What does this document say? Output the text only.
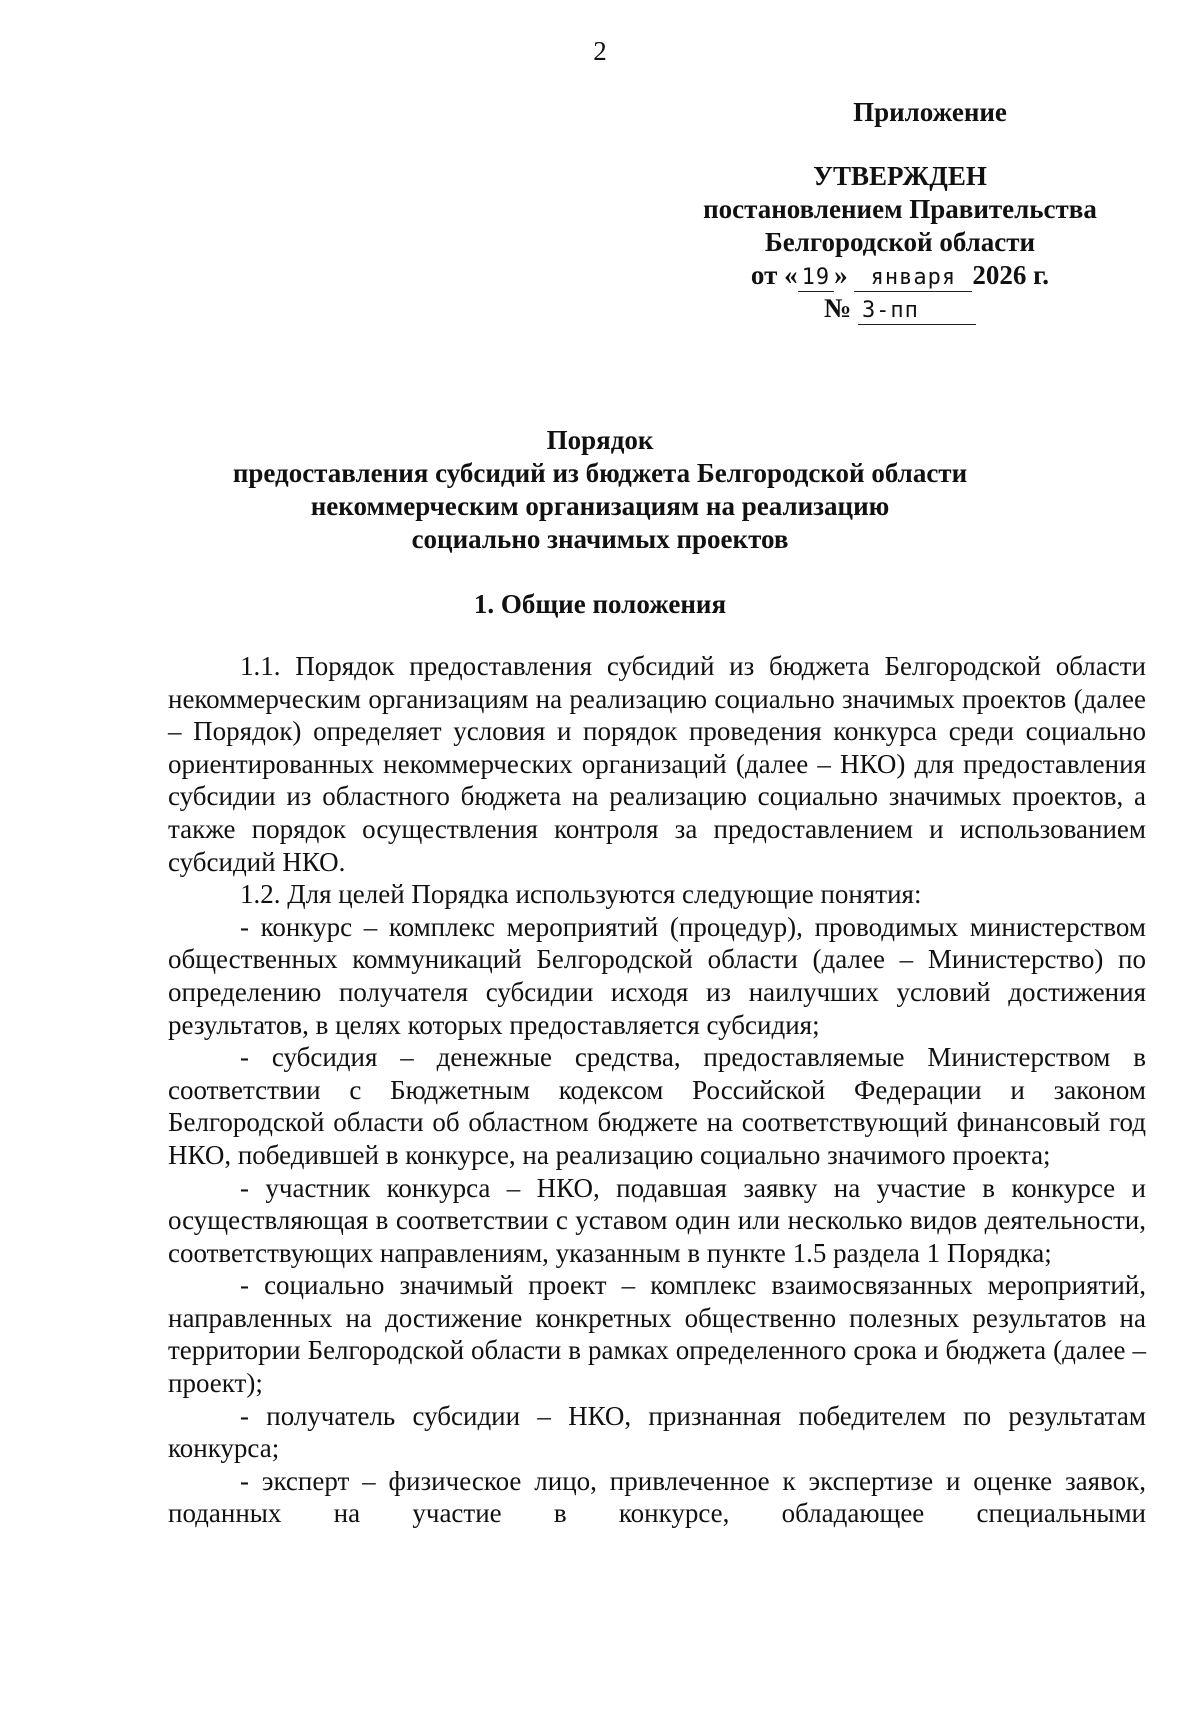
2
Приложение
УТВЕРЖДЕН
постановлением Правительства
Белгородской области
от « 19 » января 2026 г.
№ 3-пп
Порядок
предоставления субсидий из бюджета Белгородской области
некоммерческим организациям на реализацию
социально значимых проектов
1. Общие положения

1.1. Порядок предоставления субсидий из бюджета Белгородской области некоммерческим организациям на реализацию социально значимых проектов (далее – Порядок) определяет условия и порядок проведения конкурса среди социально ориентированных некоммерческих организаций (далее – НКО) для предоставления субсидии из областного бюджета на реализацию социально значимых проектов, а также порядок осуществления контроля за предоставлением и использованием субсидий НКО.

1.2. Для целей Порядка используются следующие понятия:

- конкурс – комплекс мероприятий (процедур), проводимых министерством общественных коммуникаций Белгородской области (далее – Министерство) по определению получателя субсидии исходя из наилучших условий достижения результатов, в целях которых предоставляется субсидия;

- субсидия – денежные средства, предоставляемые Министерством в соответствии с Бюджетным кодексом Российской Федерации и законом Белгородской области об областном бюджете на соответствующий финансовый год НКО, победившей в конкурсе, на реализацию социально значимого проекта;

- участник конкурса – НКО, подавшая заявку на участие в конкурсе и осуществляющая в соответствии с уставом один или несколько видов деятельности, соответствующих направлениям, указанным в пункте 1.5 раздела 1 Порядка;

- социально значимый проект – комплекс взаимосвязанных мероприятий, направленных на достижение конкретных общественно полезных результатов на территории Белгородской области в рамках определенного срока и бюджета (далее – проект);

- получатель субсидии – НКО, признанная победителем по результатам конкурса;

- эксперт – физическое лицо, привлеченное к экспертизе и оценке заявок, поданных на участие в конкурсе, обладающее специальными
